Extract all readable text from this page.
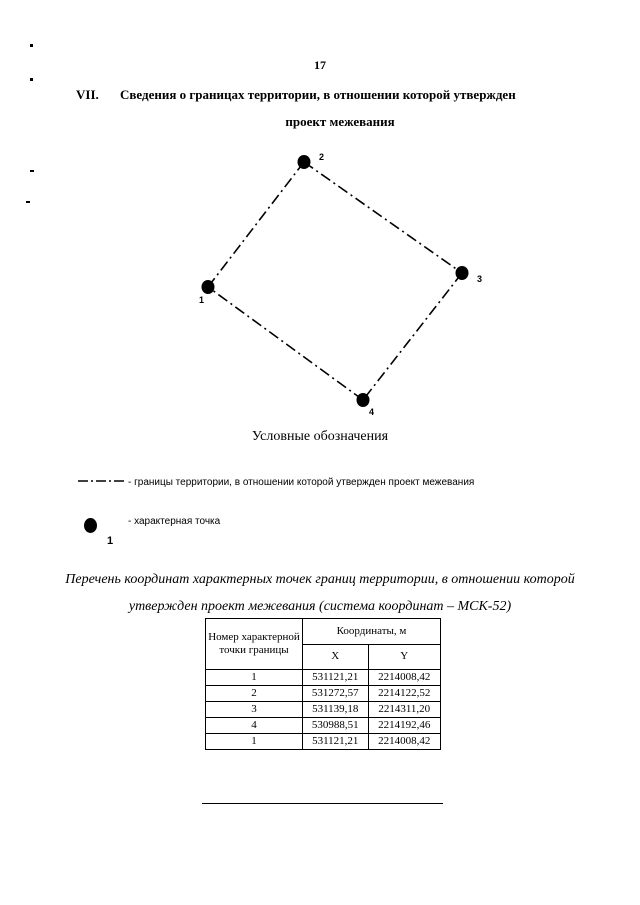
17
VII. Сведения о границах территории, в отношении которой утвержден
проект межевания
1
2
3
4
Условные обозначения
- границы территории, в отношении которой утвержден проект межевания
1
- характерная точка
Перечень координат характерных точек границ территории, в отношении которой утвержден проект межевания (система координат – МСК-52)
Номер характерной точки границы	Координаты, м	
	X	Y
1	531121,21	2214008,42
2	531272,57	2214122,52
3	531139,18	2214311,20
4	530988,51	2214192,46
1	531121,21	2214008,42
